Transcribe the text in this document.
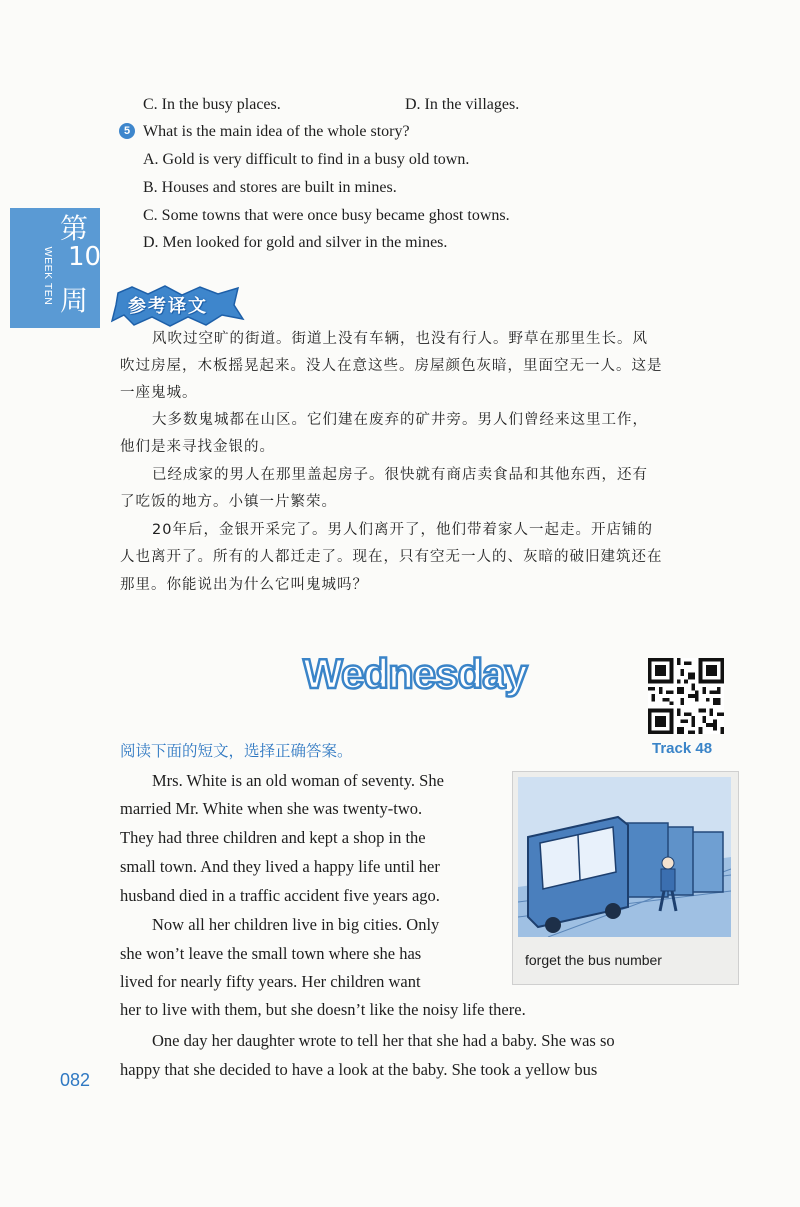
C. In the busy places.	D. In the villages.
5 What is the main idea of the whole story?
A. Gold is very difficult to find in a busy old town.
B. Houses and stores are built in mines.
C. Some towns that were once busy became ghost towns.
D. Men looked for gold and silver in the mines.
第
10
周
WEEK TEN
参考译文
风吹过空旷的街道。街道上没有车辆，也没有行人。野草在那里生长。风
吹过房屋，木板摇晃起来。没人在意这些。房屋颜色灰暗，里面空无一人。这是
一座鬼城。
大多数鬼城都在山区。它们建在废弃的矿井旁。男人们曾经来这里工作，
他们是来寻找金银的。
已经成家的男人在那里盖起房子。很快就有商店卖食品和其他东西，还有
了吃饭的地方。小镇一片繁荣。
20年后，金银开采完了。男人们离开了，他们带着家人一起走。开店铺的
人也离开了。所有的人都迁走了。现在，只有空无一人的、灰暗的破旧建筑还在
那里。你能说出为什么它叫鬼城吗？
Wednesday
Track 48
阅读下面的短文，选择正确答案。
Mrs. White is an old woman of seventy. She
married Mr. White when she was twenty-two.
They had three children and kept a shop in the
small town. And they lived a happy life until her
husband died in a traffic accident five years ago.
Now all her children live in big cities. Only
she won’t leave the small town where she has
lived for nearly fifty years. Her children want
her to live with them, but she doesn’t like the noisy life there.
One day her daughter wrote to tell her that she had a baby. She was so
happy that she decided to have a look at the baby. She took a yellow bus
forget the bus number
082
